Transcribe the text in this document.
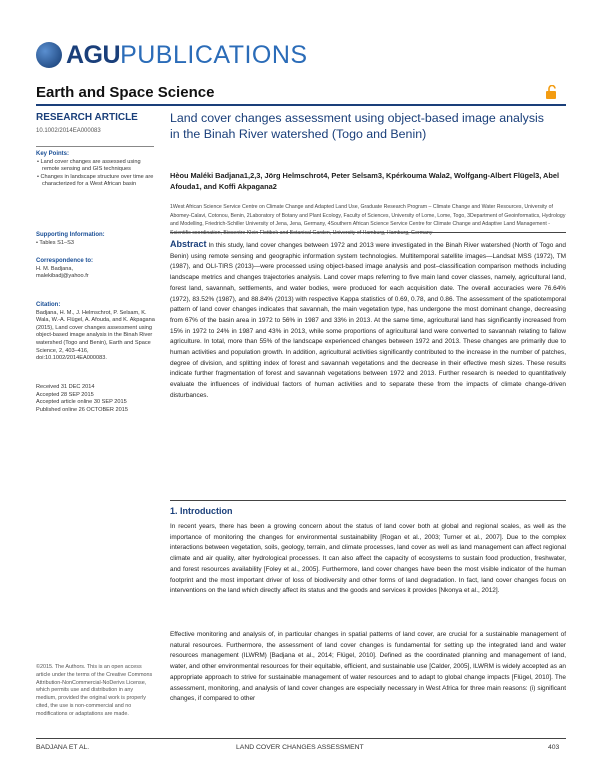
AGU PUBLICATIONS
Earth and Space Science
RESEARCH ARTICLE
10.1002/2014EA000083
Key Points:
• Land cover changes are assessed using remote sensing and GIS techniques
• Changes in landscape structure over time are characterized for a West African basin
Supporting Information:
• Tables S1–S3
Correspondence to:
H. M. Badjana,
malekibadj@yahoo.fr
Citation:
Badjana, H. M., J. Helmschrot, P. Selsam, K. Wala, W.-A. Flügel, A. Afouda, and K. Akpagana (2015), Land cover changes assessment using object-based image analysis in the Binah River watershed (Togo and Benin), Earth and Space Science, 2, 403–416, doi:10.1002/2014EA000083.
Received 31 DEC 2014
Accepted 28 SEP 2015
Accepted article online 30 SEP 2015
Published online 26 OCTOBER 2015
©2015. The Authors. This is an open access article under the terms of the Creative Commons Attribution-NonCommercial-NoDerivs License, which permits use and distribution in any medium, provided the original work is properly cited, the use is non-commercial and no modifications or adaptations are made.
Land cover changes assessment using object-based image analysis in the Binah River watershed (Togo and Benin)
Hèou Maléki Badjana1,2,3, Jörg Helmschrot4, Peter Selsam3, Kpérkouma Wala2, Wolfgang-Albert Flügel3, Abel Afouda1, and Koffi Akpagana2
1West African Science Service Centre on Climate Change and Adapted Land Use, Graduate Research Program – Climate Change and Water Resources, University of Abomey-Calavi, Cotonou, Benin, 2Laboratory of Botany and Plant Ecology, Faculty of Sciences, University of Lome, Lome, Togo, 3Department of Geoinformatics, Hydrology and Modelling, Friedrich-Schiller University of Jena, Jena, Germany, 4Southern African Science Service Centre for Climate Change and Adaptive Land Management - Scientific coordination, Biocentre Klein Flottbek and Botanical Garden, University of Hamburg, Hamburg, Germany
Abstract In this study, land cover changes between 1972 and 2013 were investigated in the Binah River watershed (North of Togo and Benin) using remote sensing and geographic information system technologies. Multitemporal satellite images—Landsat MSS (1972), TM (1987), and OLI-TIRS (2013)—were processed using object-based image analysis and post–classification comparison methods including landscape metrics and changes trajectories analysis. Land cover maps referring to five main land cover classes, namely, agricultural land, forest land, savannah, settlements, and water bodies, were produced for each acquisition date. The overall accuracies were 76.64% (1972), 83.52% (1987), and 88.84% (2013) with respective Kappa statistics of 0.69, 0.78, and 0.86. The assessment of the spatiotemporal pattern of land cover changes indicates that savannah, the main vegetation type, has undergone the most dominant change, decreasing from 67% of the basin area in 1972 to 56% in 1987 and 33% in 2013. At the same time, agricultural land has significantly increased from 15% in 1972 to 24% in 1987 and 43% in 2013, while some proportions of agricultural land were converted to savannah relating to fallow agriculture. In total, more than 55% of the landscape experienced changes between 1972 and 2013. These changes are primarily due to human activities and population growth. In addition, agricultural activities significantly contributed to the increase in the number of patches, degree of division, and splitting index of forest and savannah vegetations and the decrease in their effective mesh sizes. These results indicate further fragmentation of forest and savannah vegetations between 1972 and 2013. Further research is needed to quantitatively evaluate the influences of individual factors of human activities and to separate these from the impacts of climate change-driven disturbances.
1. Introduction
In recent years, there has been a growing concern about the status of land cover both at global and regional scales, as well as the importance of monitoring the changes for environmental sustainability [Rogan et al., 2003; Turner et al., 2007]. Due to the complex interactions between vegetation, soils, geology, terrain, and climate processes, land cover as well as land management can affect regional climate and air quality, alter hydrological processes. It can also affect the capacity of ecosystems to sustain food production, freshwater, and forest resources availability [Foley et al., 2005]. Furthermore, land cover changes have been the most visible indicator of the human footprint and the most important driver of loss of biodiversity and other forms of land degradation. In fact, land cover changes focus on interventions on the land which directly affect its status and the goods and services it provides [Nkonya et al., 2012].
Effective monitoring and analysis of, in particular changes in spatial patterns of land cover, are crucial for a sustainable management of natural resources. Furthermore, the assessment of land cover changes is fundamental for setting up the integrated land and water resources management (ILWRM) [Badjana et al., 2014; Flügel, 2010]. Defined as the coordinated planning and management of land, water, and other environmental resources for their equitable, efficient, and sustainable use [Calder, 2005], ILWRM is widely accepted as an appropriate approach to strive for sustainable management of water resources and to adapt to global change impacts [Flügel, 2010]. The assessment, monitoring, and analysis of land cover changes are especially necessary in West Africa for three main reasons: (i) significant changes, if compared to other
BADJANA ET AL.	LAND COVER CHANGES ASSESSMENT	403
